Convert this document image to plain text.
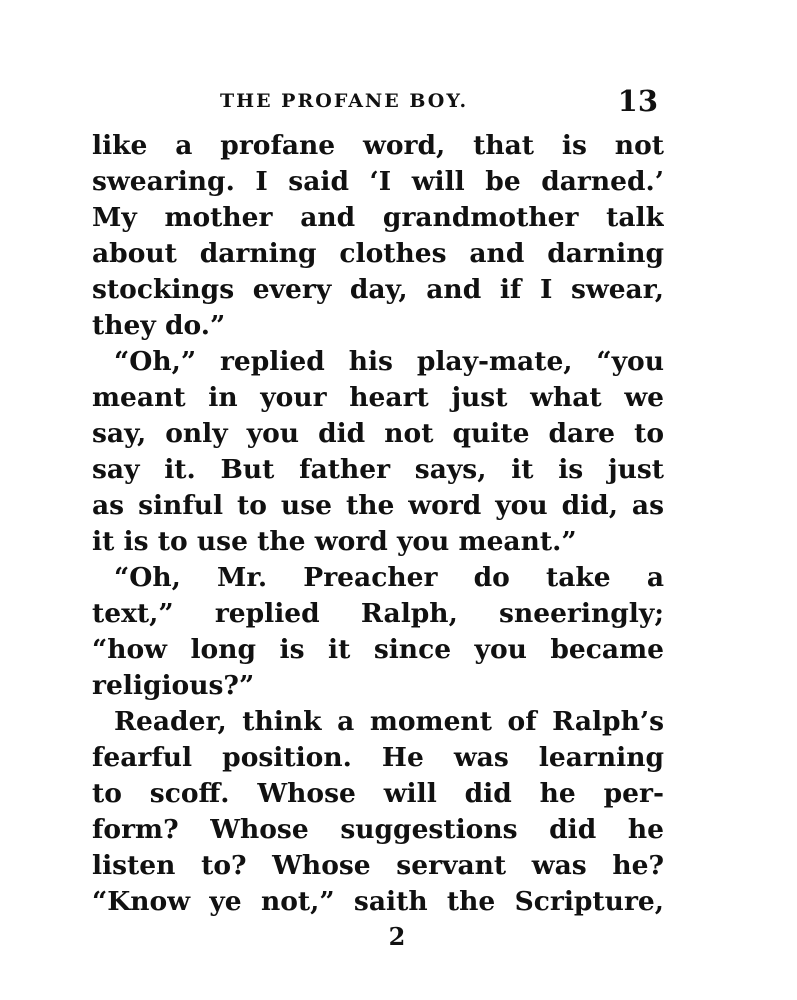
THE PROFANE BOY.	13
like a profane word, that is not
swearing. I said ‘I will be darned.’
My mother and grandmother talk
about darning clothes and darning
stockings every day, and if I swear,
they do.”
“Oh,” replied his play-mate, “you
meant in your heart just what we
say, only you did not quite dare to
say it. But father says, it is just
as sinful to use the word you did, as
it is to use the word you meant.”
“Oh, Mr. Preacher do take a
text,” replied Ralph, sneeringly;
“how long is it since you became
religious?”
Reader, think a moment of Ralph’s
fearful position. He was learning
to scoff. Whose will did he per-
form? Whose suggestions did he
listen to? Whose servant was he?
“Know ye not,” saith the Scripture,
2
